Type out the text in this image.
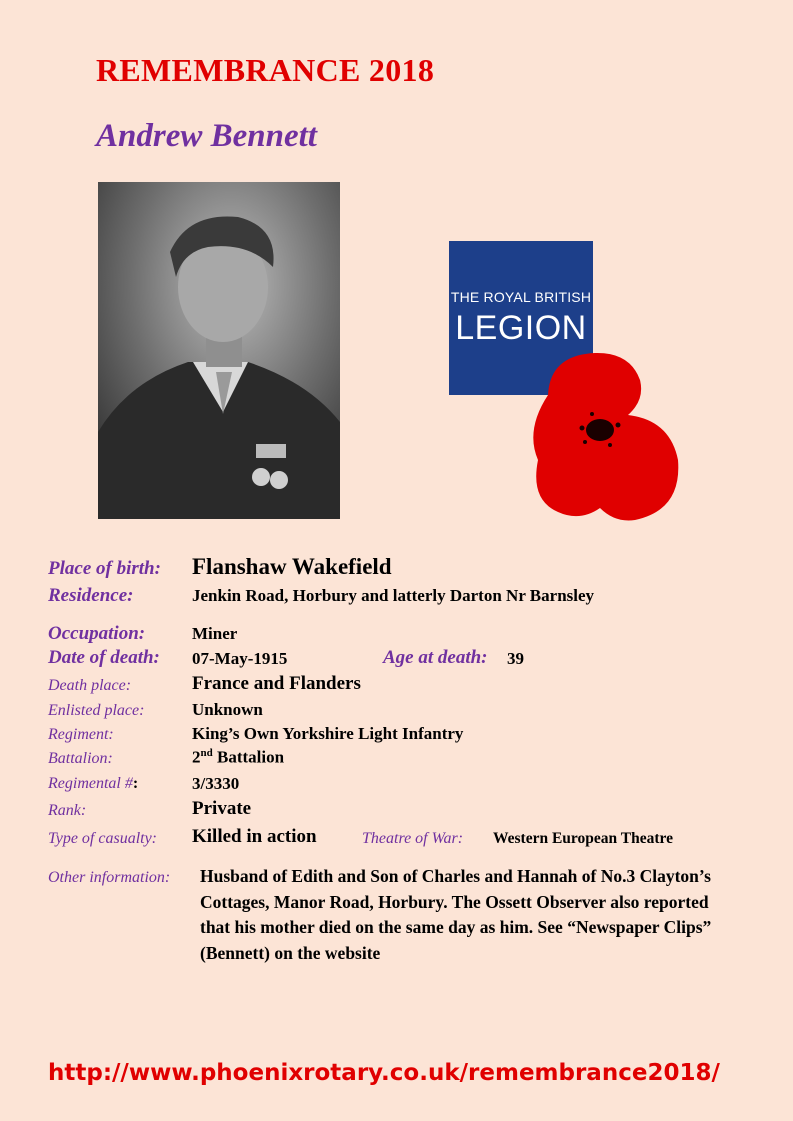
REMEMBRANCE 2018
Andrew Bennett
THE ROYAL BRITISH
LEGION
Place of birth: Flanshaw Wakefield
Residence:	Jenkin Road, Horbury and latterly Darton Nr Barnsley
Occupation:	Miner
Date of death: 07-May-1915	Age at death: 39
Death place:	France and Flanders
Enlisted place:	Unknown
Regiment:	King’s Own Yorkshire Light Infantry
Battalion:	2nd Battalion
Regimental #:	3/3330
Rank:	Private
Type of casualty: Killed in action	Theatre of War: Western European Theatre
Other information: Husband of Edith and Son of Charles and Hannah of No.3 Clayton’s Cottages, Manor Road, Horbury. The Ossett Observer also reported that his mother died on the same day as him. See “Newspaper Clips” (Bennett) on the website
http://www.phoenixrotary.co.uk/remembrance2018/
